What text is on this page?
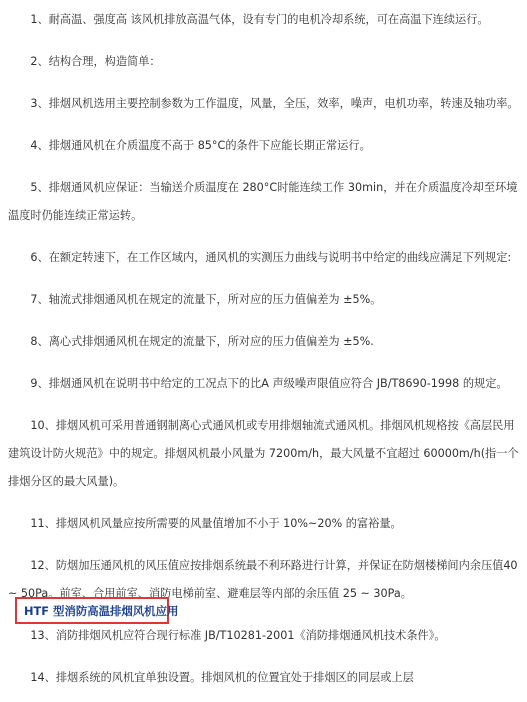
1、耐高温、强度高 该风机排放高温气体，设有专门的电机冷却系统，可在高温下连续运行。

2、结构合理，构造简单：

3、排烟风机选用主要控制参数为工作温度，风量，全压，效率，噪声，电机功率，转速及轴功率。

4、排烟通风机在介质温度不高于 85°C的条件下应能长期正常运行。

5、排烟通风机应保证：当输送介质温度在 280°C时能连续工作 30min，并在介质温度冷却至环境温度时仍能连续正常运转。

6、在额定转速下，在工作区域内，通风机的实测压力曲线与说明书中给定的曲线应满足下列规定:

7、轴流式排烟通风机在规定的流量下，所对应的压力值偏差为 ±5%。

8、离心式排烟通风机在规定的流量下，所对应的压力值偏差为 ±5%.

9、排烟通风机在说明书中给定的工况点下的比A 声级噪声限值应符合 JB/T8690-1998 的规定。

10、排烟风机可采用普通钢制离心式通风机或专用排烟轴流式通风机。排烟风机规格按《高层民用建筑设计防火规范》中的规定。排烟风机最小风量为 7200m/h，最大风量不宜超过 60000m/h(指一个排烟分区的最大风量)。

11、排烟风机风量应按所需要的风量值增加不小于 10%~20% 的富裕量。

12、防烟加压通风机的风压值应按排烟系统最不利环路进行计算，并保证在防烟楼梯间内余压值40 ~ 50Pa。前室、合用前室、消防电梯前室、避难层等内部的余压值 25 ~ 30Pa。

13、消防排烟风机应符合现行标准 JB/T10281-2001《消防排烟通风机技术条件》。

14、排烟系统的风机宜单独设置。排烟风机的位置宜处于排烟区的同层或上层

HTF 型消防高温排烟风机应用
